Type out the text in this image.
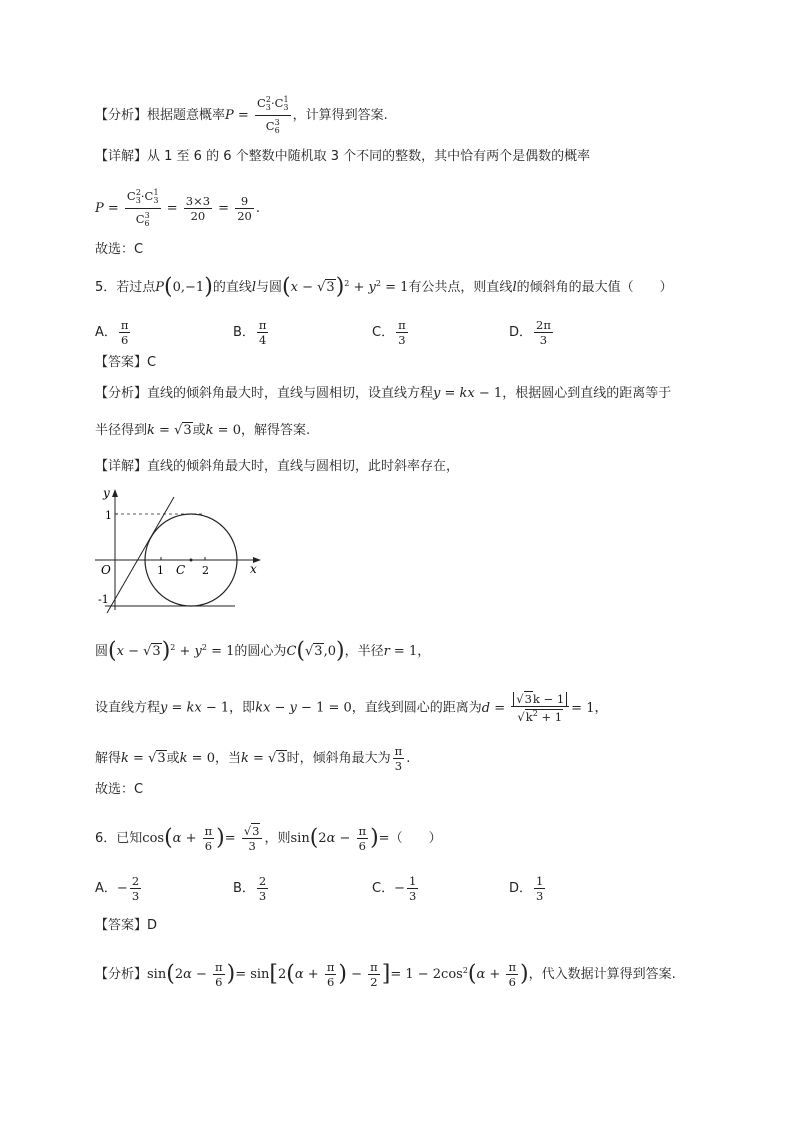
【分析】根据题意概率$P = \frac{C_3^2\cdot C_3^1}{C_6^3}$ ，计算得到答案.
【详解】从 1 至 6 的 6 个整数中随机取 3 个不同的整数，其中恰有两个是偶数的概率
$P = \frac{C_3^2\cdot C_3^1}{C_6^3} = \frac{3\times 3}{20} = \frac{9}{20}$ .
故选：C
5．若过点P(0,−1)的直线l与圆$(x - √3)^2 + y^2 = 1$有公共点，则直线l的倾斜角的最大值（　　）
A． $\frac{\pi}{6}$	B． $\frac{\pi}{4}$	C． $\frac{\pi}{3}$	D． $\frac{2\pi}{3}$
【答案】C
【分析】直线的倾斜角最大时，直线与圆相切，设直线方程y = kx − 1，根据圆心到直线的距离等于
半径得到k = √3或k = 0，解得答案.
【详解】直线的倾斜角最大时，直线与圆相切，此时斜率存在，
y
x
O
1
-1
1 C 2
圆$(x - √3)^2 + y^2 = 1$的圆心为C(√3,0)，半径r = 1，
设直线方程y = kx − 1，即kx − y − 1 = 0，直线到圆心的距离为$d = \frac{√3k - 1}{√k^2 + 1} = 1$，
解得k = √3或k = 0，当k = √3时，倾斜角最大为 $\frac{\pi}{3}$ .
故选：C
6．已知$\cos(\alpha + \frac{\pi}{6}$ )= $\frac{√3}{3}$ ，则$\sin(2\alpha - \frac{\pi}{6}$ )=（　　）
A．− $\frac{2}{3}$	B． $\frac{2}{3}$	C．− $\frac{1}{3}$	D． $\frac{1}{3}$
【答案】D
【分析】$\sin(2\alpha - \frac{\pi}{6}$ )= $\sin[2(\alpha + \frac{\pi}{6}$ ) − $\frac{\pi}{2}$ ]= $1 - 2\cos^2(\alpha + \frac{\pi}{6}$ )，代入数据计算得到答案.
